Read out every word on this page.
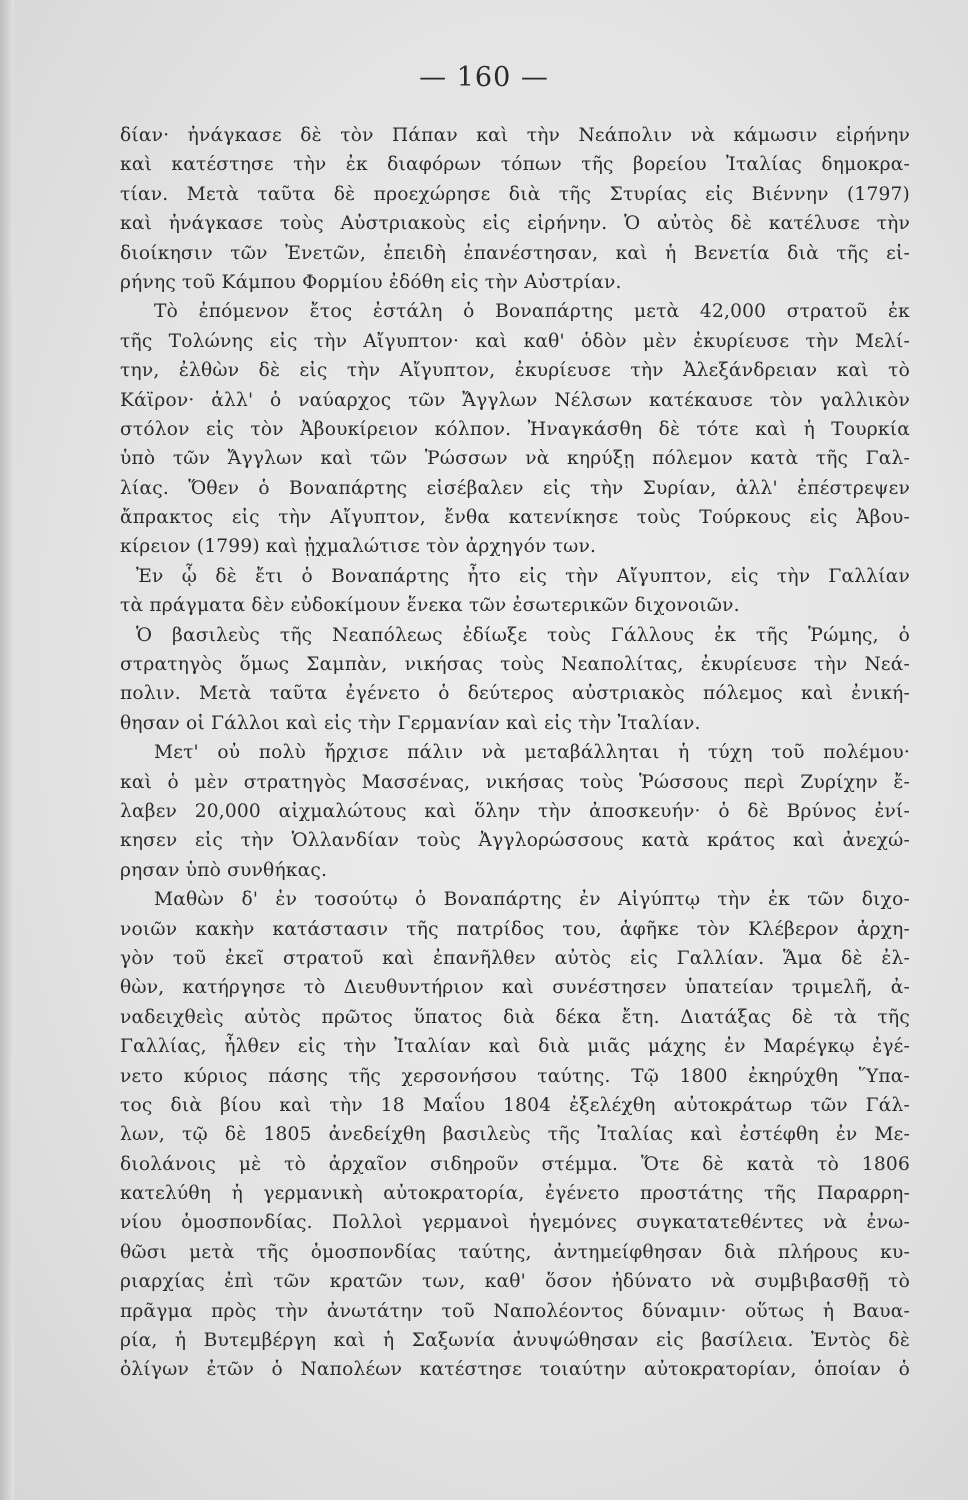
— 160 —
δίαν· ἠνάγκασε δὲ τὸν Πάπαν καὶ τὴν Νεάπολιν νὰ κάμωσιν εἰρήνην
καὶ κατέστησε τὴν ἐκ διαφόρων τόπων τῆς βορείου Ἰταλίας δημοκρα-
τίαν. Μετὰ ταῦτα δὲ προεχώρησε διὰ τῆς Στυρίας εἰς Βιέννην (1797)
καὶ ἠνάγκασε τοὺς Αὐστριακοὺς εἰς εἰρήνην. Ὁ αὐτὸς δὲ κατέλυσε τὴν
διοίκησιν τῶν Ἐνετῶν, ἐπειδὴ ἐπανέστησαν, καὶ ἡ Βενετία διὰ τῆς εἰ-
ρήνης τοῦ Κάμπου Φορμίου ἐδόθη εἰς τὴν Αὐστρίαν.
Τὸ ἐπόμενον ἔτος ἐστάλη ὁ Βοναπάρτης μετὰ 42,000 στρατοῦ ἐκ
τῆς Τολώνης εἰς τὴν Αἴγυπτον· καὶ καθ' ὁδὸν μὲν ἐκυρίευσε τὴν Μελί-
την, ἐλθὼν δὲ εἰς τὴν Αἴγυπτον, ἐκυρίευσε τὴν Ἀλεξάνδρειαν καὶ τὸ
Κάϊρον· ἀλλ' ὁ ναύαρχος τῶν Ἄγγλων Νέλσων κατέκαυσε τὸν γαλλικὸν
στόλον εἰς τὸν Ἀβουκίρειον κόλπον. Ἠναγκάσθη δὲ τότε καὶ ἡ Τουρκία
ὑπὸ τῶν Ἄγγλων καὶ τῶν Ῥώσσων νὰ κηρύξῃ πόλεμον κατὰ τῆς Γαλ-
λίας. Ὅθεν ὁ Βοναπάρτης εἰσέβαλεν εἰς τὴν Συρίαν, ἀλλ' ἐπέστρεψεν
ἄπρακτος εἰς τὴν Αἴγυπτον, ἔνθα κατενίκησε τοὺς Τούρκους εἰς Ἀβου-
κίρειον (1799) καὶ ᾐχμαλώτισε τὸν ἀρχηγόν των.
Ἐν ᾧ δὲ ἔτι ὁ Βοναπάρτης ἦτο εἰς τὴν Αἴγυπτον, εἰς τὴν Γαλλίαν
τὰ πράγματα δὲν εὐδοκίμουν ἕνεκα τῶν ἐσωτερικῶν διχονοιῶν.
Ὁ βασιλεὺς τῆς Νεαπόλεως ἐδίωξε τοὺς Γάλλους ἐκ τῆς Ῥώμης, ὁ
στρατηγὸς ὅμως Σαμπὰν, νικήσας τοὺς Νεαπολίτας, ἐκυρίευσε τὴν Νεά-
πολιν. Μετὰ ταῦτα ἐγένετο ὁ δεύτερος αὐστριακὸς πόλεμος καὶ ἐνική-
θησαν οἱ Γάλλοι καὶ εἰς τὴν Γερμανίαν καὶ εἰς τὴν Ἰταλίαν.
Μετ' οὐ πολὺ ἤρχισε πάλιν νὰ μεταβάλληται ἡ τύχη τοῦ πολέμου·
καὶ ὁ μὲν στρατηγὸς Μασσένας, νικήσας τοὺς Ῥώσσους περὶ Ζυρίχην ἔ-
λαβεν 20,000 αἰχμαλώτους καὶ ὅλην τὴν ἀποσκευήν· ὁ δὲ Βρύνος ἐνί-
κησεν εἰς τὴν Ὁλλανδίαν τοὺς Ἀγγλορώσσους κατὰ κράτος καὶ ἀνεχώ-
ρησαν ὑπὸ συνθήκας.
Μαθὼν δ' ἐν τοσούτῳ ὁ Βοναπάρτης ἐν Αἰγύπτῳ τὴν ἐκ τῶν διχο-
νοιῶν κακὴν κατάστασιν τῆς πατρίδος του, ἀφῆκε τὸν Κλέβερον ἀρχη-
γὸν τοῦ ἐκεῖ στρατοῦ καὶ ἐπανῆλθεν αὐτὸς εἰς Γαλλίαν. Ἅμα δὲ ἐλ-
θὼν, κατήργησε τὸ Διευθυντήριον καὶ συνέστησεν ὑπατείαν τριμελῆ, ἀ-
ναδειχθεὶς αὐτὸς πρῶτος ὕπατος διὰ δέκα ἔτη. Διατάξας δὲ τὰ τῆς
Γαλλίας, ἦλθεν εἰς τὴν Ἰταλίαν καὶ διὰ μιᾶς μάχης ἐν Μαρέγκῳ ἐγέ-
νετο κύριος πάσης τῆς χερσονήσου ταύτης. Τῷ 1800 ἐκηρύχθη Ὕπα-
τος διὰ βίου καὶ τὴν 18 Μαΐου 1804 ἐξελέχθη αὐτοκράτωρ τῶν Γάλ-
λων, τῷ δὲ 1805 ἀνεδείχθη βασιλεὺς τῆς Ἰταλίας καὶ ἐστέφθη ἐν Με-
διολάνοις μὲ τὸ ἀρχαῖον σιδηροῦν στέμμα. Ὅτε δὲ κατὰ τὸ 1806
κατελύθη ἡ γερμανικὴ αὐτοκρατορία, ἐγένετο προστάτης τῆς Παραρρη-
νίου ὁμοσπονδίας. Πολλοὶ γερμανοὶ ἡγεμόνες συγκατατεθέντες νὰ ἐνω-
θῶσι μετὰ τῆς ὁμοσπονδίας ταύτης, ἀντημείφθησαν διὰ πλήρους κυ-
ριαρχίας ἐπὶ τῶν κρατῶν των, καθ' ὅσον ἠδύνατο νὰ συμβιβασθῇ τὸ
πρᾶγμα πρὸς τὴν ἀνωτάτην τοῦ Ναπολέοντος δύναμιν· οὕτως ἡ Βαυα-
ρία, ἡ Βυτεμβέργη καὶ ἡ Σαξωνία ἀνυψώθησαν εἰς βασίλεια. Ἐντὸς δὲ
ὀλίγων ἐτῶν ὁ Ναπολέων κατέστησε τοιαύτην αὐτοκρατορίαν, ὁποίαν ὁ
